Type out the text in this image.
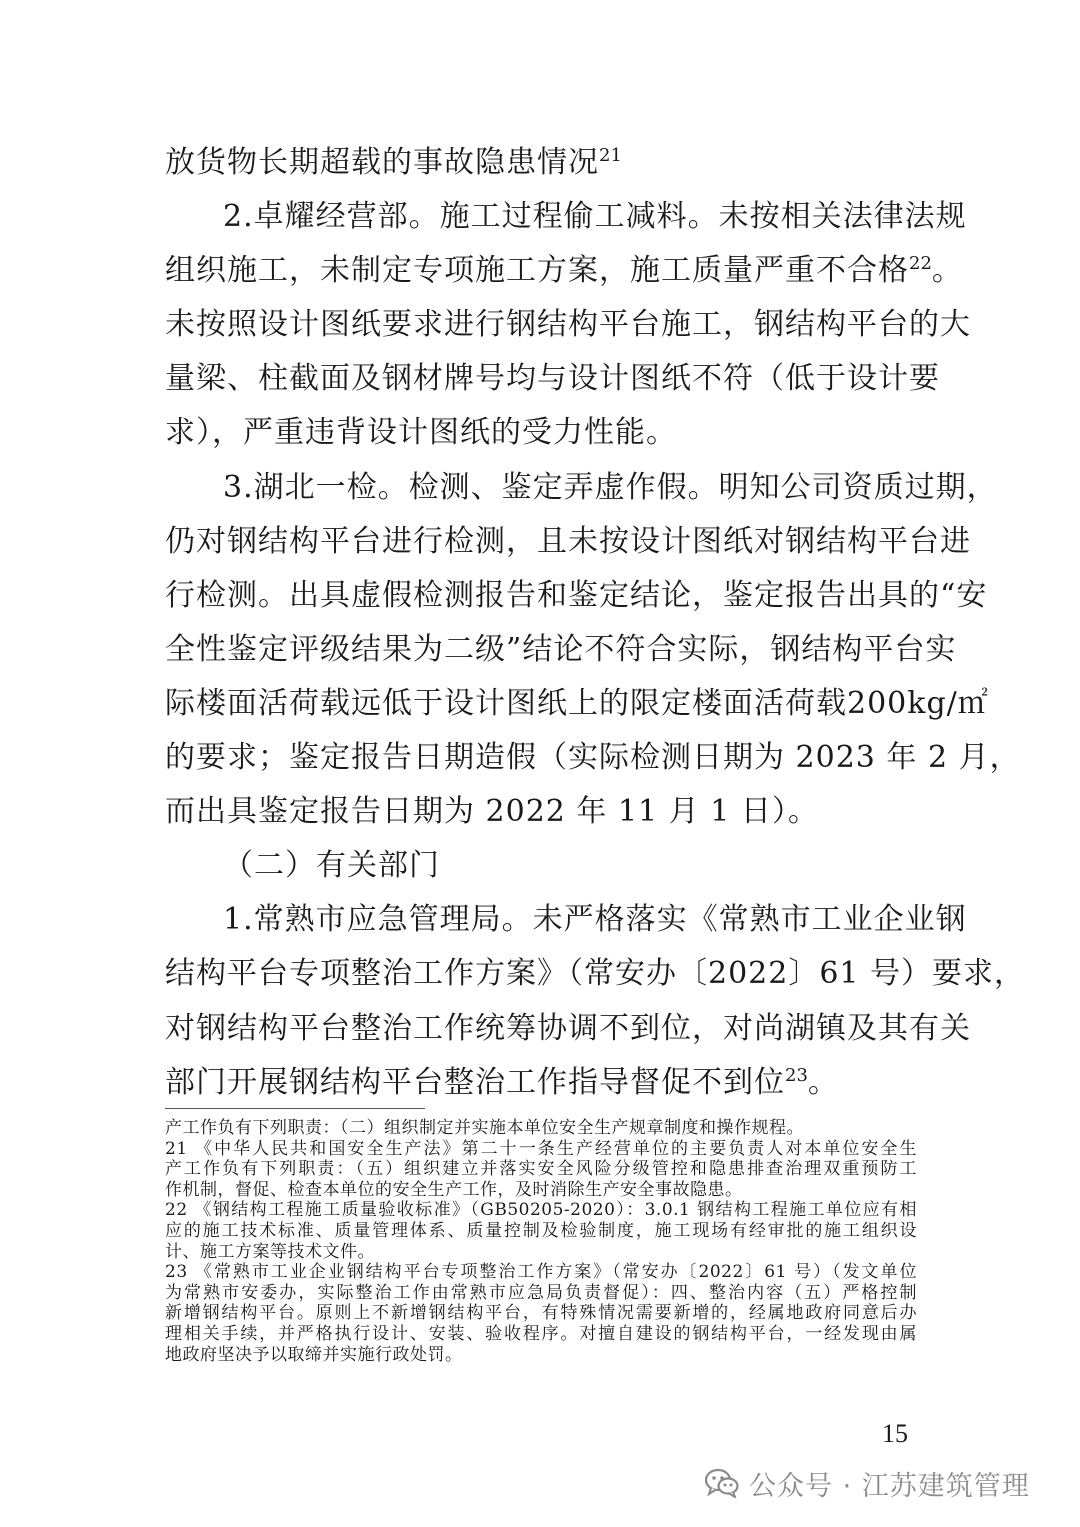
放货物长期超载的事故隐患情况$^{21}$
2.卓耀经营部。施工过程偷工减料。未按相关法律法规
组织施工，未制定专项施工方案，施工质量严重不合格$^{22}$。
未按照设计图纸要求进行钢结构平台施工，钢结构平台的大
量梁、柱截面及钢材牌号均与设计图纸不符（低于设计要
求），严重违背设计图纸的受力性能。
3.湖北一检。检测、鉴定弄虚作假。明知公司资质过期，
仍对钢结构平台进行检测，且未按设计图纸对钢结构平台进
行检测。出具虚假检测报告和鉴定结论，鉴定报告出具的“安
全性鉴定评级结果为二级”结论不符合实际，钢结构平台实
际楼面活荷载远低于设计图纸上的限定楼面活荷载200kg/㎡
的要求；鉴定报告日期造假（实际检测日期为 2023 年 2 月，
而出具鉴定报告日期为 2022 年 11 月 1 日）。
（二）有关部门
1.常熟市应急管理局。未严格落实《常熟市工业企业钢
结构平台专项整治工作方案》（常安办〔2022〕61 号）要求，
对钢结构平台整治工作统筹协调不到位，对尚湖镇及其有关
部门开展钢结构平台整治工作指导督促不到位$^{23}$。
产工作负有下列职责：（二）组织制定并实施本单位安全生产规章制度和操作规程。
21 《中华人民共和国安全生产法》第二十一条生产经营单位的主要负责人对本单位安全生
产工作负有下列职责：（五）组织建立并落实安全风险分级管控和隐患排查治理双重预防工
作机制，督促、检查本单位的安全生产工作，及时消除生产安全事故隐患。
22 《钢结构工程施工质量验收标准》（GB50205-2020）：3.0.1 钢结构工程施工单位应有相
应的施工技术标准、质量管理体系、质量控制及检验制度，施工现场有经审批的施工组织设
计、施工方案等技术文件。
23 《常熟市工业企业钢结构平台专项整治工作方案》（常安办〔2022〕61 号）（发文单位
为常熟市安委办，实际整治工作由常熟市应急局负责督促）：四、整治内容（五）严格控制
新增钢结构平台。原则上不新增钢结构平台，有特殊情况需要新增的，经属地政府同意后办
理相关手续，并严格执行设计、安装、验收程序。对擅自建设的钢结构平台，一经发现由属
地政府坚决予以取缔并实施行政处罚。
15
公众号 · 江苏建筑管理
